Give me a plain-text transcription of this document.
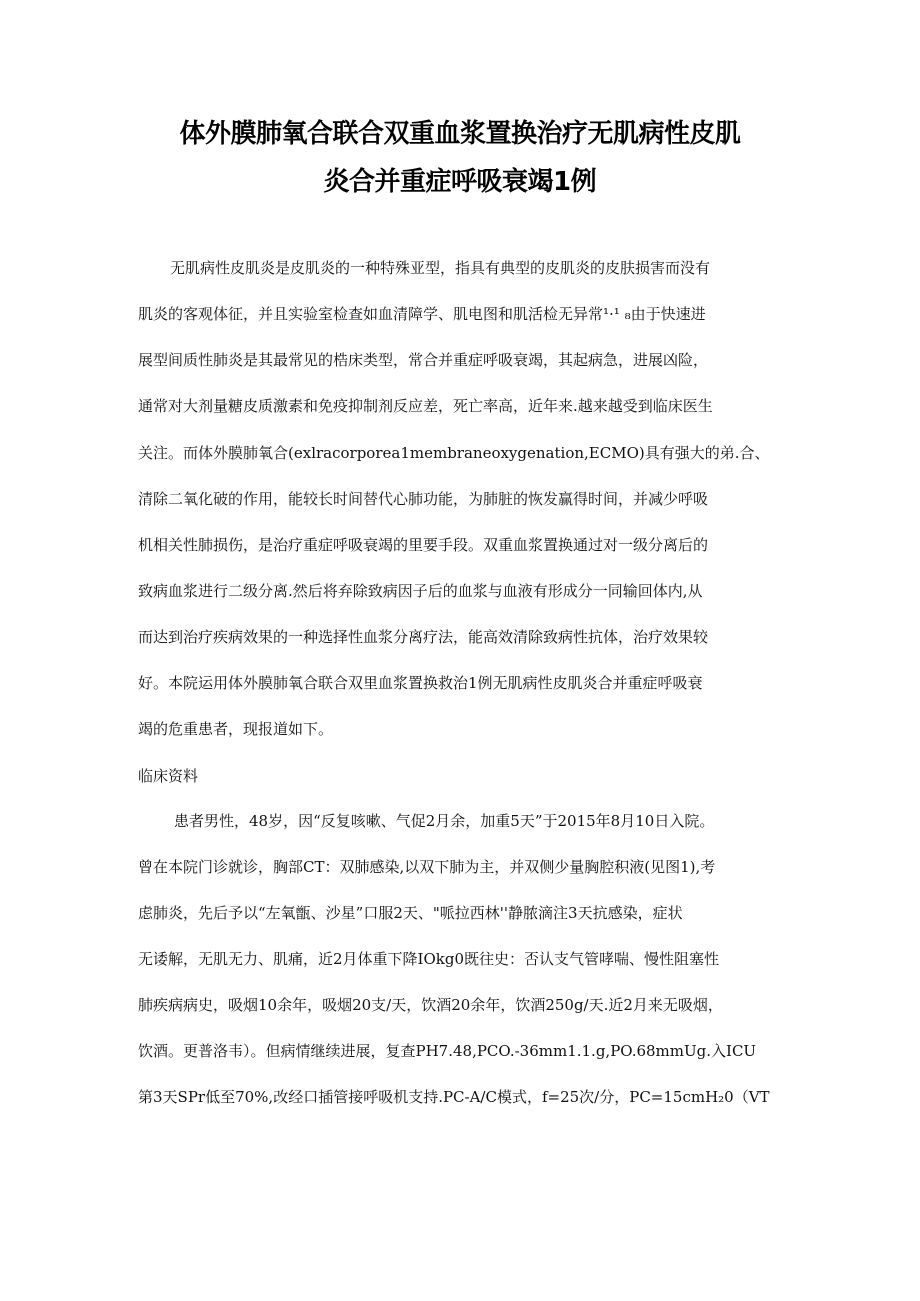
体外膜肺氧合联合双重血浆置换治疗无肌病性皮肌
炎合并重症呼吸衰竭1例
无肌病性皮肌炎是皮肌炎的一种特殊亚型，指具有典型的皮肌炎的皮肤损害而没有
肌炎的客观体征，并且实验室检查如血清障学、肌电图和肌活检无异常¹·¹ ₈由于快速进
展型间质性肺炎是其最常见的梏床类型，常合并重症呼吸衰竭，其起病急，进展凶险，
通常对大剂量糖皮质激素和免疫抑制剂反应差，死亡率高，近年来.越来越受到临床医生
关注。而体外膜肺氧合(exlracorporea1membraneoxygenation,ECMO)具有强大的弟.合、
清除二氧化破的作用，能较长时间替代心肺功能，为肺脏的恢发赢得时间，并减少呼吸
机相关性肺损伤，是治疗重症呼吸衰竭的里要手段。双重血浆置换通过对一级分离后的
致病血浆进行二级分离.然后将弃除致病因子后的血浆与血液有形成分一同输回体内,从
而达到治疗疾病效果的一种选择性血浆分离疗法，能高效清除致病性抗体，治疗效果较
好。本院运用体外膜肺氧合联合双里血浆置换救治1例无肌病性皮肌炎合并重症呼吸衰
竭的危重患者，现报道如下。
临床资料
患者男性，48岁，因“反复咳嗽、气促2月余，加重5天”于2015年8月10日入院。
曾在本院门诊就诊，胸部CT：双肺感染,以双下肺为主，并双侧少量胸腔积液(见图1),考
虑肺炎，先后予以“左氧甑、沙星”口服2天、"哌拉西林''静脓滴注3天抗感染，症状
无诿解，无肌无力、肌痛，近2月体重下降IOkg0既往史：否认支气管哮喘、慢性阻塞性
肺疾病病史，吸烟10余年，吸烟20支/天，饮酒20余年，饮酒250g/天.近2月来无吸烟，
饮酒。更普洛韦）。但病情继续进展，复查PH7.48,PCO.-36mm1.1.g,PO.68mmUg.入ICU
第3天SPr低至70%,改经口插管接呼吸机支持.PC-A/C模式，f=25次/分，PC=15cmH₂0（VT
